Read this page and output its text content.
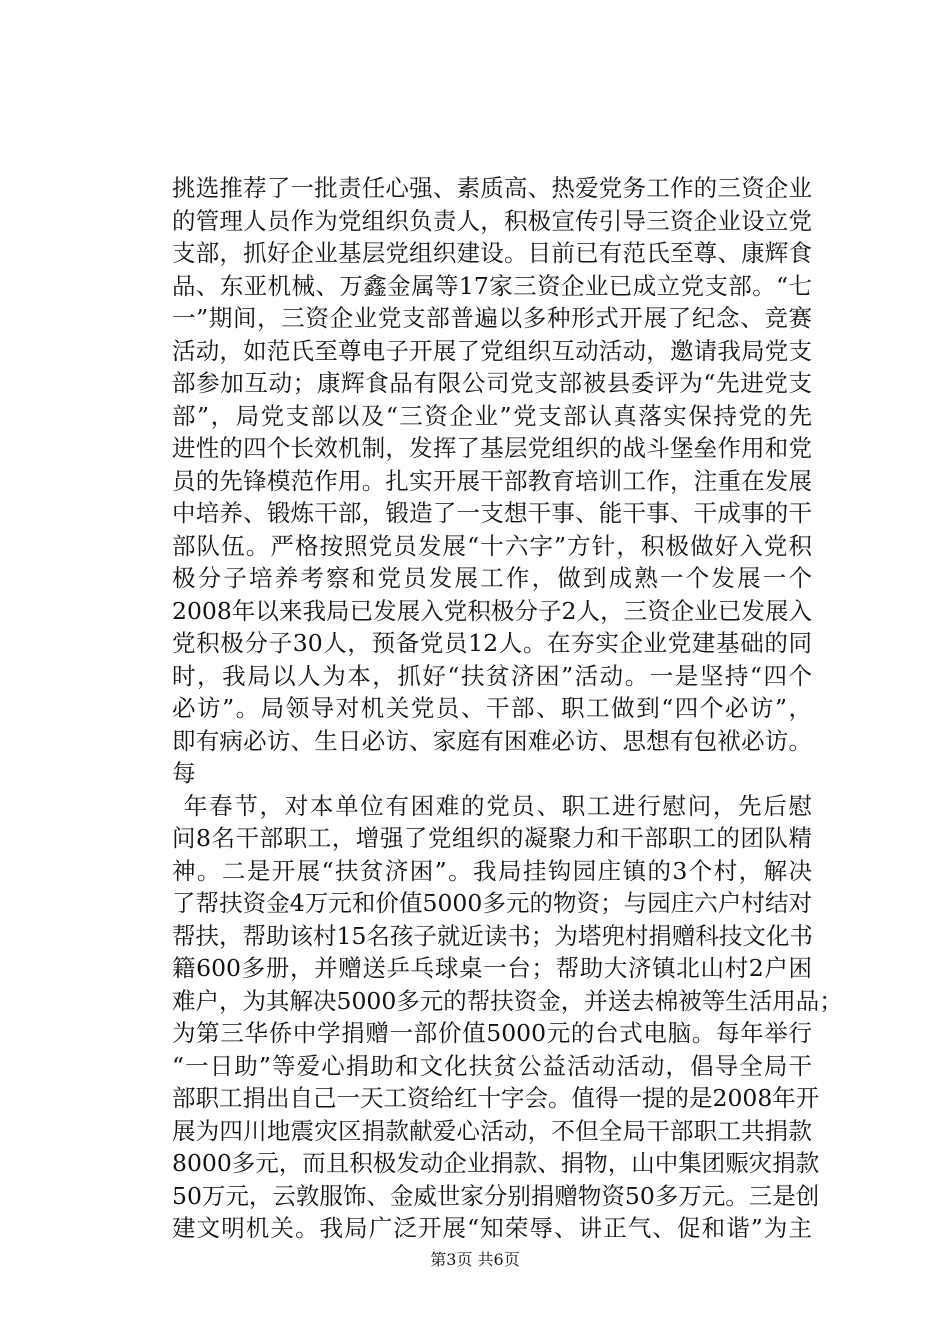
挑选推荐了一批责任心强、素质高、热爱党务工作的三资企业
的管理人员作为党组织负责人，积极宣传引导三资企业设立党
支部，抓好企业基层党组织建设。目前已有范氏至尊、康辉食
品、东亚机械、万鑫金属等17家三资企业已成立党支部。“七
一”期间，三资企业党支部普遍以多种形式开展了纪念、竞赛
活动，如范氏至尊电子开展了党组织互动活动，邀请我局党支
部参加互动；康辉食品有限公司党支部被县委评为“先进党支
部”，局党支部以及“三资企业”党支部认真落实保持党的先
进性的四个长效机制，发挥了基层党组织的战斗堡垒作用和党
员的先锋模范作用。扎实开展干部教育培训工作，注重在发展
中培养、锻炼干部，锻造了一支想干事、能干事、干成事的干
部队伍。严格按照党员发展“十六字”方针，积极做好入党积
极分子培养考察和党员发展工作，做到成熟一个发展一个
2008年以来我局已发展入党积极分子2人，三资企业已发展入
党积极分子30人，预备党员12人。在夯实企业党建基础的同
时，我局以人为本，抓好“扶贫济困”活动。一是坚持“四个
必访”。局领导对机关党员、干部、职工做到“四个必访”，
即有病必访、生日必访、家庭有困难必访、思想有包袱必访。
每
年春节，对本单位有困难的党员、职工进行慰问，先后慰
问8名干部职工，增强了党组织的凝聚力和干部职工的团队精
神。二是开展“扶贫济困”。我局挂钩园庄镇的3个村，解决
了帮扶资金4万元和价值5000多元的物资；与园庄六户村结对
帮扶，帮助该村15名孩子就近读书；为塔兜村捐赠科技文化书
籍600多册，并赠送乒乓球桌一台；帮助大济镇北山村2户困
难户，为其解决5000多元的帮扶资金，并送去棉被等生活用品；
为第三华侨中学捐赠一部价值5000元的台式电脑。每年举行
“一日助”等爱心捐助和文化扶贫公益活动活动，倡导全局干
部职工捐出自己一天工资给红十字会。值得一提的是2008年开
展为四川地震灾区捐款献爱心活动，不但全局干部职工共捐款
8000多元，而且积极发动企业捐款、捐物，山中集团赈灾捐款
50万元，云敦服饰、金威世家分别捐赠物资50多万元。三是创
建文明机关。我局广泛开展“知荣辱、讲正气、促和谐”为主
第3页 共6页
